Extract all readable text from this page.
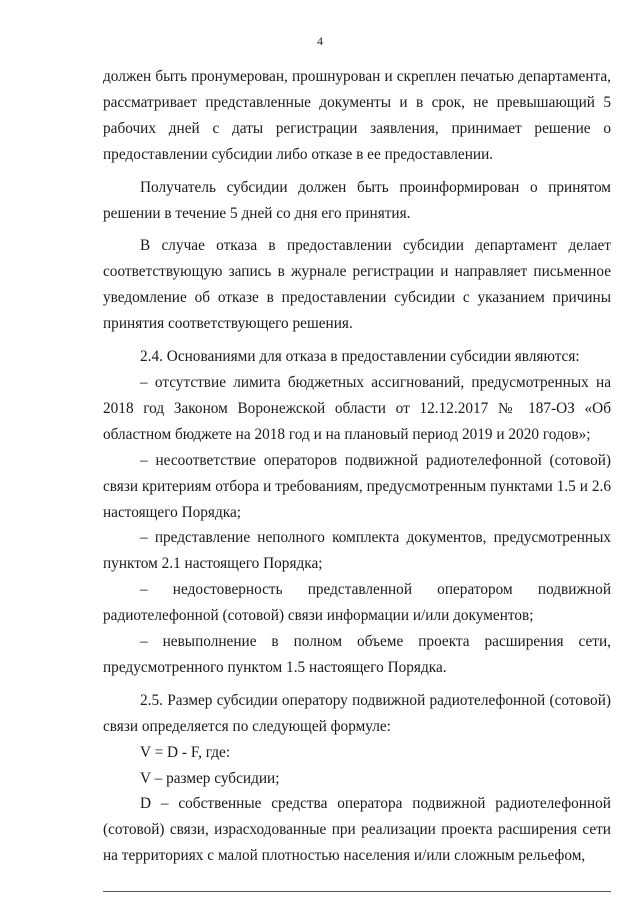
4

должен быть пронумерован, прошнурован и скреплен печатью департамента, рассматривает представленные документы и в срок, не превышающий 5 рабочих дней с даты регистрации заявления, принимает решение о предоставлении субсидии либо отказе в ее предоставлении.

Получатель субсидии должен быть проинформирован о принятом решении в течение 5 дней со дня его принятия.

В случае отказа в предоставлении субсидии департамент делает соответствующую запись в журнале регистрации и направляет письменное уведомление об отказе в предоставлении субсидии с указанием причины принятия соответствующего решения.

2.4. Основаниями для отказа в предоставлении субсидии являются:

– отсутствие лимита бюджетных ассигнований, предусмотренных на 2018 год Законом Воронежской области от 12.12.2017 № 187-ОЗ «Об областном бюджете на 2018 год и на плановый период 2019 и 2020 годов»;

– несоответствие операторов подвижной радиотелефонной (сотовой) связи критериям отбора и требованиям, предусмотренным пунктами 1.5 и 2.6 настоящего Порядка;

– представление неполного комплекта документов, предусмотренных пунктом 2.1 настоящего Порядка;

– недостоверность представленной оператором подвижной радиотелефонной (сотовой) связи информации и/или документов;

– невыполнение в полном объеме проекта расширения сети, предусмотренного пунктом 1.5 настоящего Порядка.

2.5. Размер субсидии оператору подвижной радиотелефонной (сотовой) связи определяется по следующей формуле:

V = D - F, где:

V – размер субсидии;

D – собственные средства оператора подвижной радиотелефонной (сотовой) связи, израсходованные при реализации проекта расширения сети на территориях с малой плотностью населения и/или сложным рельефом,
